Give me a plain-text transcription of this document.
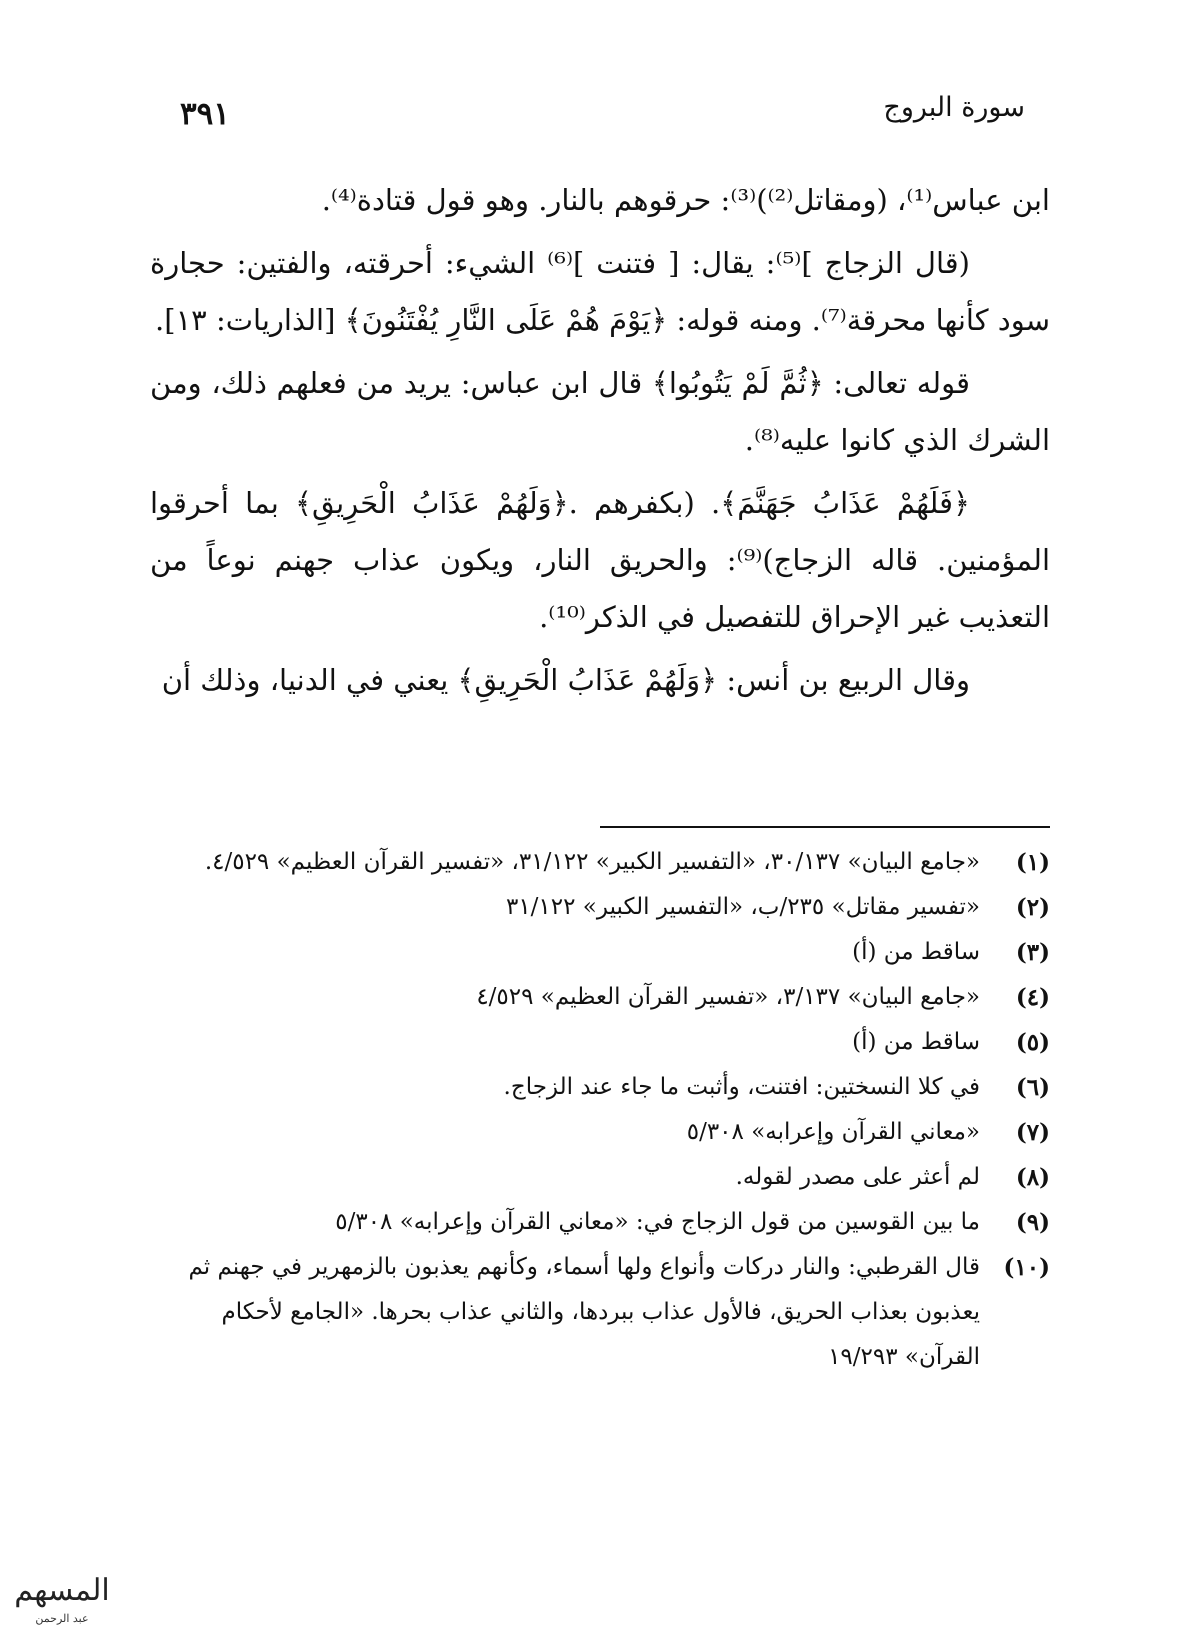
سورة البروج
٣٩١

ابن عباس⁽¹⁾، (ومقاتل⁽²⁾)⁽³⁾: حرقوهم بالنار. وهو قول قتادة⁽⁴⁾.

(قال الزجاج ]⁽⁵⁾: يقال: [ فتنت ]⁽⁶⁾ الشيء: أحرقته، والفتين: حجارة سود كأنها محرقة⁽⁷⁾. ومنه قوله: ﴿يَوْمَ هُمْ عَلَى النَّارِ يُفْتَنُونَ﴾ [الذاريات: ١٣].

قوله تعالى: ﴿ثُمَّ لَمْ يَتُوبُوا﴾ قال ابن عباس: يريد من فعلهم ذلك، ومن الشرك الذي كانوا عليه⁽⁸⁾.

﴿فَلَهُمْ عَذَابُ جَهَنَّمَ﴾. (بكفرهم .﴿وَلَهُمْ عَذَابُ الْحَرِيقِ﴾ بما أحرقوا المؤمنين. قاله الزجاج)⁽⁹⁾: والحريق النار، ويكون عذاب جهنم نوعاً من التعذيب غير الإحراق للتفصيل في الذكر⁽¹⁰⁾.

وقال الربيع بن أنس: ﴿وَلَهُمْ عَذَابُ الْحَرِيقِ﴾ يعني في الدنيا، وذلك أن

(١)
«جامع البيان» ٣٠/١٣٧، «التفسير الكبير» ٣١/١٢٢، «تفسير القرآن العظيم» ٤/٥٢٩.
(٢)
«تفسير مقاتل» ٢٣٥/ب، «التفسير الكبير» ٣١/١٢٢
(٣)
ساقط من (أ)
(٤)
«جامع البيان» ٣/١٣٧، «تفسير القرآن العظيم» ٤/٥٢٩
(٥)
ساقط من (أ)
(٦)
في كلا النسختين: افتنت، وأثبت ما جاء عند الزجاج.
(٧)
«معاني القرآن وإعرابه» ٥/٣٠٨
(٨)
لم أعثر على مصدر لقوله.
(٩)
ما بين القوسين من قول الزجاج في: «معاني القرآن وإعرابه» ٥/٣٠٨
(١٠)
قال القرطبي: والنار دركات وأنواع ولها أسماء، وكأنهم يعذبون بالزمهرير في جهنم ثم يعذبون بعذاب الحريق، فالأول عذاب ببردها، والثاني عذاب بحرها. «الجامع لأحكام القرآن» ١٩/٢٩٣
المسهم
عبد الرحمن
